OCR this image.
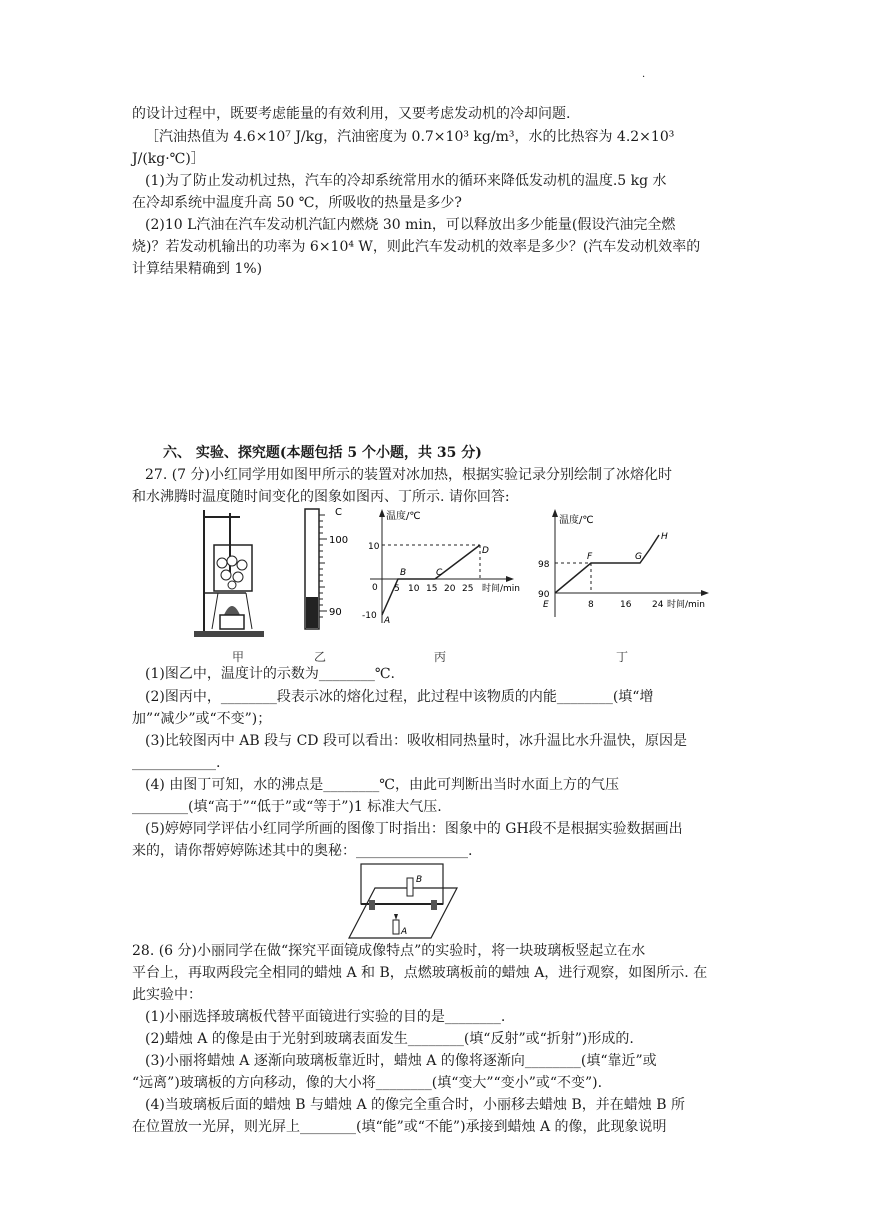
·
的设计过程中，既要考虑能量的有效利用，又要考虑发动机的冷却问题.
［汽油热值为 4.6×10⁷ J/kg，汽油密度为 0.7×10³ kg/m³，水的比热容为 4.2×10³
J/(kg·℃)］
(1)为了防止发动机过热，汽车的冷却系统常用水的循环来降低发动机的温度.5 kg 水
在冷却系统中温度升高 50 ℃，所吸收的热量是多少?
(2)10 L汽油在汽车发动机汽缸内燃烧 30 min，可以释放出多少能量(假设汽油完全燃
烧)？若发动机输出的功率为 6×10⁴ W，则此汽车发动机的效率是多少？(汽车发动机效率的
计算结果精确到 1%)
六、 实验、探究题(本题包括 5 个小题，共 35 分)
27. (7 分)小红同学用如图甲所示的装置对冰加热，根据实验记录分别绘制了冰熔化时
和水沸腾时温度随时间变化的图象如图丙、丁所示. 请你回答:
C
100
90
温度/℃
时间/min
10
0
-10
5 10 15 20 25
A
B	C
D
温度/℃
时间/min
98
90
8	16 24
E
F	G
H
甲	乙	丙	丁
(1)图乙中，温度计的示数为________℃.
(2)图丙中，________段表示冰的熔化过程，此过程中该物质的内能________(填“增
加”“减少”或“不变”)；
(3)比较图丙中 AB 段与 CD 段可以看出：吸收相同热量时，冰升温比水升温快，原因是
____________.
(4) 由图丁可知，水的沸点是________℃，由此可判断出当时水面上方的气压
________(填“高于”“低于”或“等于”)1 标准大气压.
(5)婷婷同学评估小红同学所画的图像丁时指出：图象中的 GH段不是根据实验数据画出
来的，请你帮婷婷陈述其中的奥秘：________________.
B
A
28. (6 分)小丽同学在做“探究平面镜成像特点”的实验时，将一块玻璃板竖起立在水
平台上，再取两段完全相同的蜡烛 A 和 B，点燃玻璃板前的蜡烛 A，进行观察，如图所示. 在
此实验中：
(1)小丽选择玻璃板代替平面镜进行实验的目的是________.
(2)蜡烛 A 的像是由于光射到玻璃表面发生________(填“反射”或“折射”)形成的.
(3)小丽将蜡烛 A 逐渐向玻璃板靠近时，蜡烛 A 的像将逐渐向________(填“靠近”或
“远离”)玻璃板的方向移动，像的大小将________(填“变大”“变小”或“不变”).
(4)当玻璃板后面的蜡烛 B 与蜡烛 A 的像完全重合时，小丽移去蜡烛 B，并在蜡烛 B 所
在位置放一光屏，则光屏上________(填“能”或“不能”)承接到蜡烛 A 的像，此现象说明
